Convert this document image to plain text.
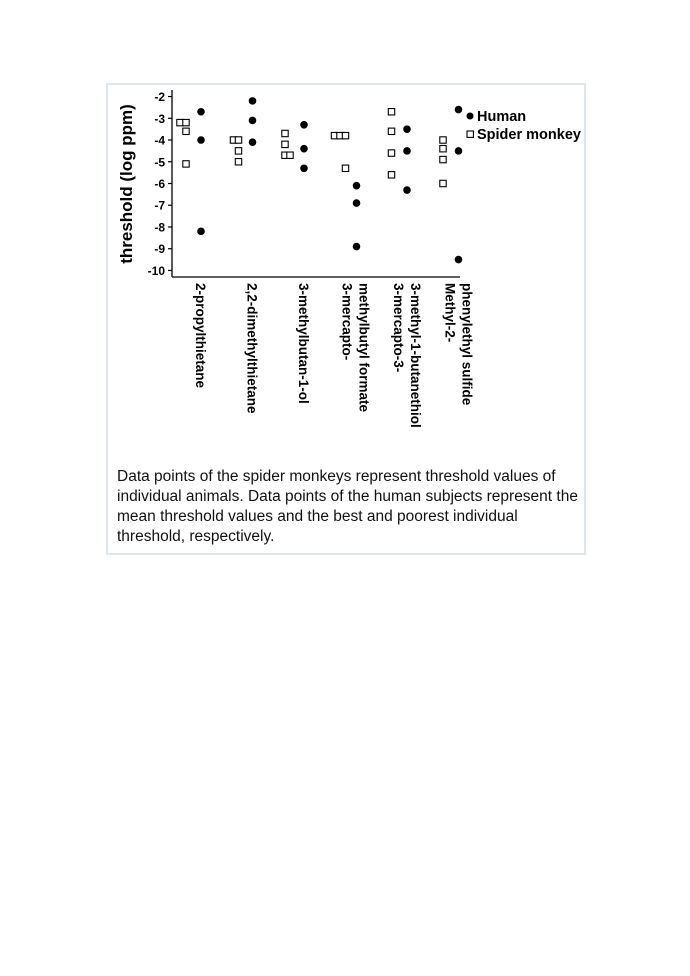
threshold (log ppm)
-2
-3
-4
-5
-6
-7
-8
-9
-10
2-propylthietane	2,2-dimethylthietane	3-methylbutan-1-ol 3-mercapto- methylbutyl formate 3-mercapto-3- 3-methyl-1-butanethiol Methyl-2- phenylethyl sulfide
Human
Spider monkey

Data points of the spider monkeys represent threshold values of individual animals. Data points of the human subjects represent the mean threshold values and the best and poorest individual threshold, respectively.
